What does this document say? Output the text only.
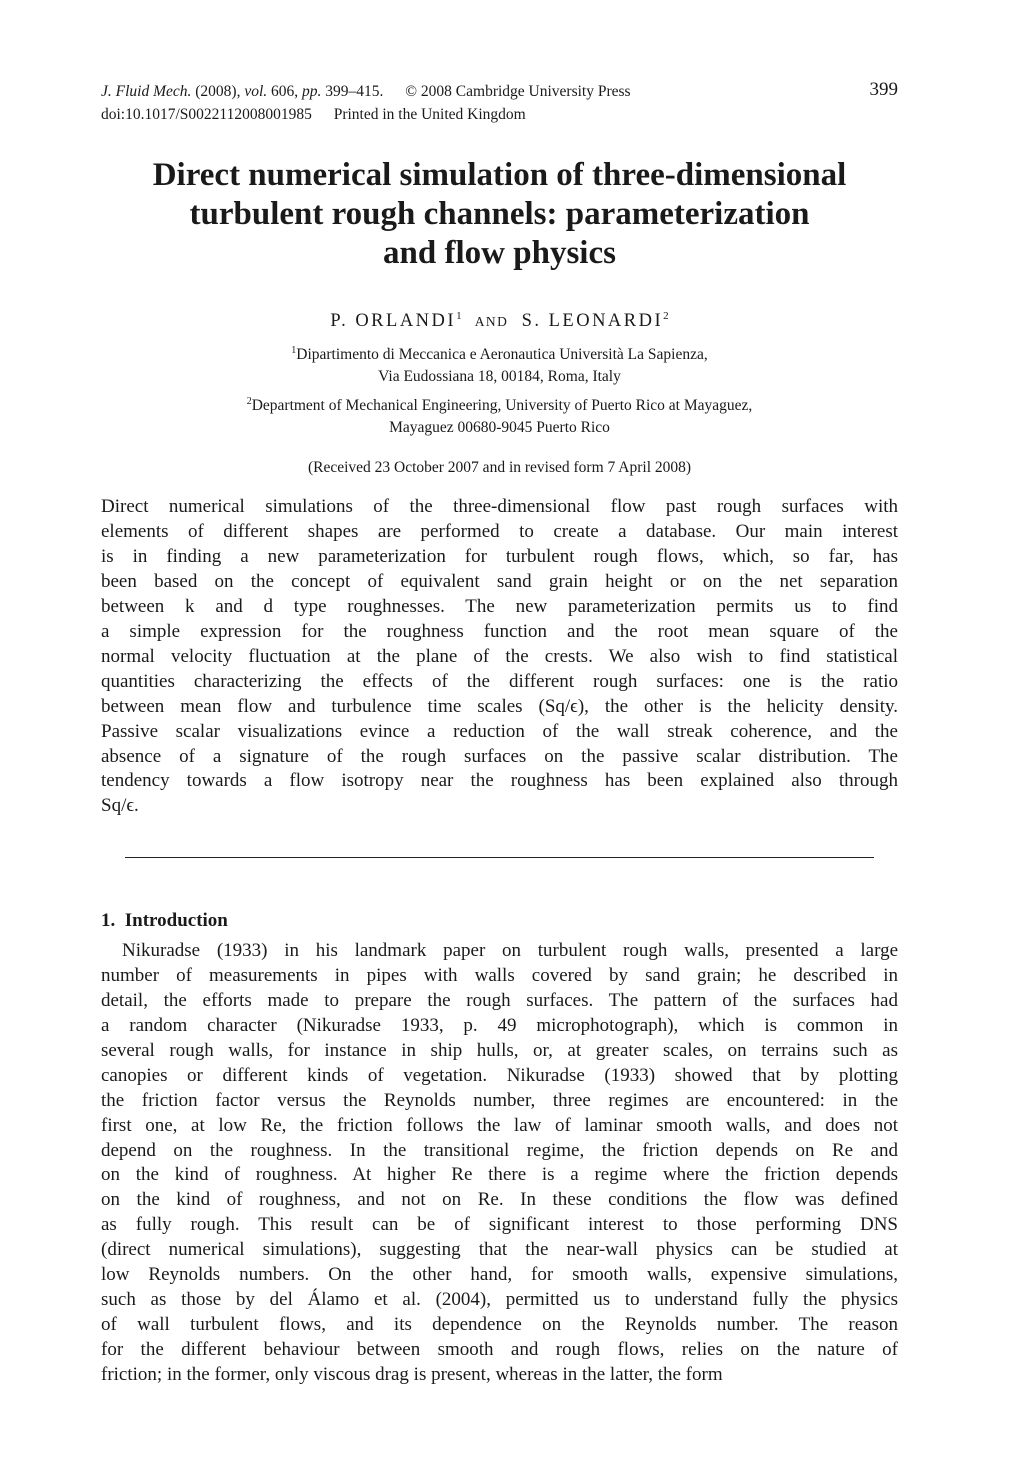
J. Fluid Mech. (2008), vol. 606, pp. 399–415. © 2008 Cambridge University Press
doi:10.1017/S0022112008001985 Printed in the United Kingdom
399
Direct numerical simulation of three-dimensional
turbulent rough channels: parameterization
and flow physics
P. ORLANDI$^1$ AND S. LEONARDI$^2$
$^1$Dipartimento di Meccanica e Aeronautica Università La Sapienza,
Via Eudossiana 18, 00184, Roma, Italy
$^2$Department of Mechanical Engineering, University of Puerto Rico at Mayaguez,
Mayaguez 00680-9045 Puerto Rico
(Received 23 October 2007 and in revised form 7 April 2008)
Direct numerical simulations of the three-dimensional flow past rough surfaces with
elements of different shapes are performed to create a database. Our main interest
is in finding a new parameterization for turbulent rough flows, which, so far, has
been based on the concept of equivalent sand grain height or on the net separation
between k and d type roughnesses. The new parameterization permits us to find
a simple expression for the roughness function and the root mean square of the
normal velocity fluctuation at the plane of the crests. We also wish to find statistical
quantities characterizing the effects of the different rough surfaces: one is the ratio
between mean flow and turbulence time scales (Sq/ϵ), the other is the helicity density.
Passive scalar visualizations evince a reduction of the wall streak coherence, and the
absence of a signature of the rough surfaces on the passive scalar distribution. The
tendency towards a flow isotropy near the roughness has been explained also through
Sq/ϵ.
1. Introduction
Nikuradse (1933) in his landmark paper on turbulent rough walls, presented a large
number of measurements in pipes with walls covered by sand grain; he described in
detail, the efforts made to prepare the rough surfaces. The pattern of the surfaces had
a random character (Nikuradse 1933, p. 49 microphotograph), which is common in
several rough walls, for instance in ship hulls, or, at greater scales, on terrains such as
canopies or different kinds of vegetation. Nikuradse (1933) showed that by plotting
the friction factor versus the Reynolds number, three regimes are encountered: in the
first one, at low Re, the friction follows the law of laminar smooth walls, and does not
depend on the roughness. In the transitional regime, the friction depends on Re and
on the kind of roughness. At higher Re there is a regime where the friction depends
on the kind of roughness, and not on Re. In these conditions the flow was defined
as fully rough. This result can be of significant interest to those performing DNS
(direct numerical simulations), suggesting that the near-wall physics can be studied at
low Reynolds numbers. On the other hand, for smooth walls, expensive simulations,
such as those by del Álamo et al. (2004), permitted us to understand fully the physics
of wall turbulent flows, and its dependence on the Reynolds number. The reason
for the different behaviour between smooth and rough flows, relies on the nature of
friction; in the former, only viscous drag is present, whereas in the latter, the form
